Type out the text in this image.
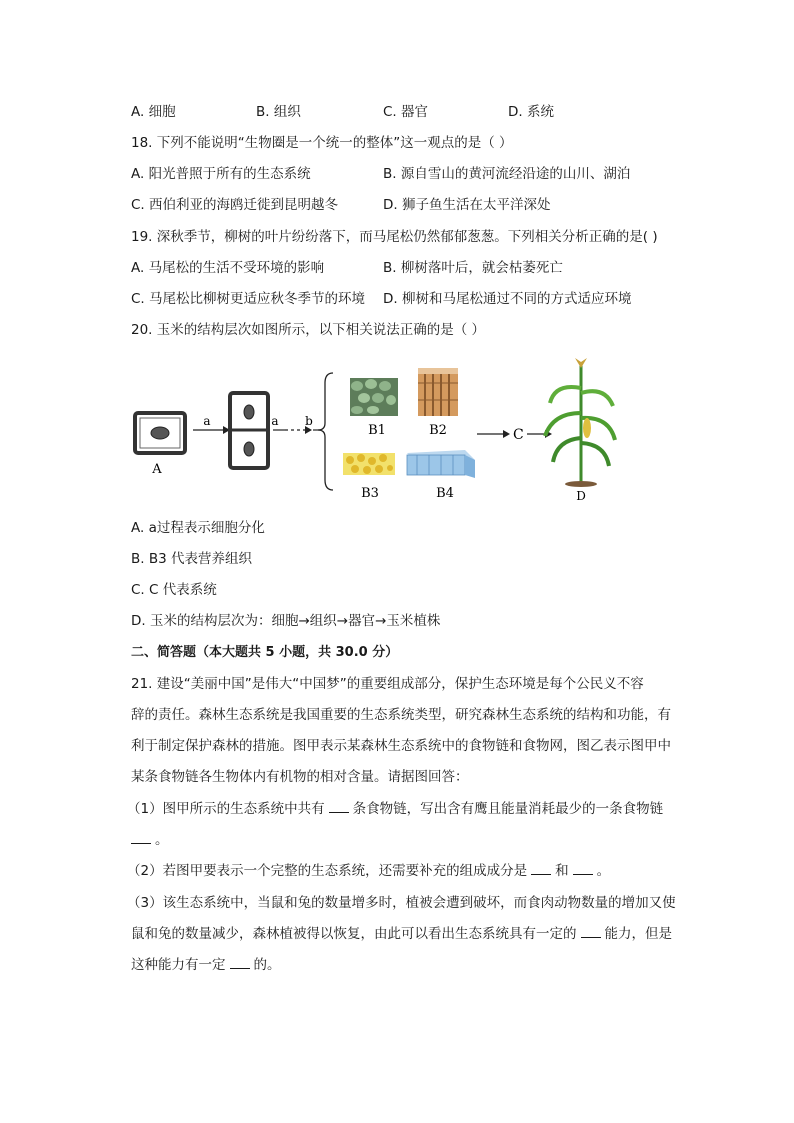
A. 细胞	B. 组织	C. 器官	D. 系统
18. 下列不能说明“生物圈是一个统一的整体”这一观点的是（ ）
A. 阳光普照于所有的生态系统	B. 源自雪山的黄河流经沿途的山川、湖泊
C. 西伯利亚的海鸥迁徙到昆明越冬	D. 狮子鱼生活在太平洋深处
19. 深秋季节，柳树的叶片纷纷落下，而马尾松仍然郁郁葱葱。下列相关分析正确的是( )
A. 马尾松的生活不受环境的影响	B. 柳树落叶后，就会枯萎死亡
C. 马尾松比柳树更适应秋冬季节的环境 D. 柳树和马尾松通过不同的方式适应环境
20. 玉米的结构层次如图所示，以下相关说法正确的是（ ）
A
a	a b
B1	B2	C
B3	B4	D
A. a过程表示细胞分化
B. B3 代表营养组织
C. C 代表系统
D. 玉米的结构层次为：细胞→组织→器官→玉米植株
二、简答题（本大题共 5 小题，共 30.0 分）
21. 建设“美丽中国”是伟大“中国梦”的重要组成部分，保护生态环境是每个公民义不容
辞的责任。森林生态系统是我国重要的生态系统类型，研究森林生态系统的结构和功能，有
利于制定保护森林的措施。图甲表示某森林生态系统中的食物链和食物网，图乙表示图甲中
某条食物链各生物体内有机物的相对含量。请据图回答：
（1）图甲所示的生态系统中共有 条食物链，写出含有鹰且能量消耗最少的一条食物链
。
（2）若图甲要表示一个完整的生态系统，还需要补充的组成成分是 和 。
（3）该生态系统中，当鼠和兔的数量增多时，植被会遭到破坏，而食肉动物数量的增加又使
鼠和兔的数量减少，森林植被得以恢复，由此可以看出生态系统具有一定的 能力，但是
这种能力有一定 的。
